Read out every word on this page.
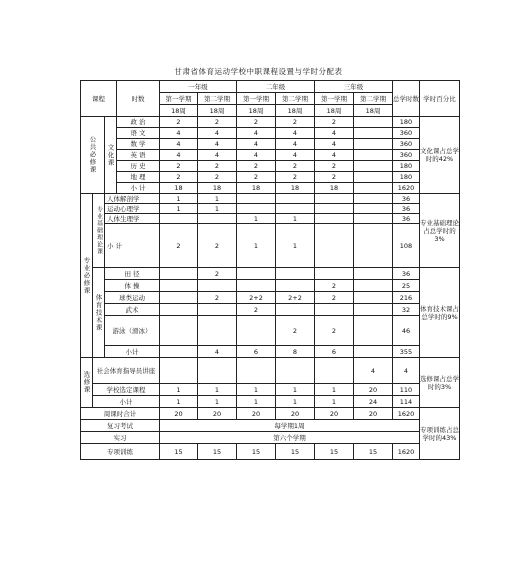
甘肃省体育运动学校中职课程设置与学时分配表
课程			时数	一年级		二年级		三年级		总学时数	学时百分比
				第一学期	第二学期	第一学期	第二学期	第一学期	第二学期		
				18周	18周	18周	18周	18周	18周		
公共必修课		文化课	政 治	2	2	2	2	2		180	文化课占总学时的42%
			语 文	4	4	4	4	4		360	
			数 学	4	4	4	4	4		360	
			英 语	4	4	4	4	4		360	
			历 史	2	2	2	2	2		180	
			地 理	2	2	2	2	2		180	
			小 计	18	18	18	18	18		1620	
专业必修课	专业基础理论课	人体解剖学		1	1					36	专业基础理论占总学时的3%
		运动心理学		1	1					36	
		人体生理学				1	1			36	
		小 计		2	2	1	1			108	
	体育技术课	田 径			2					36	体育技术课占总学时的9%
		体 操						2		25	
		球类运动			2	2+2	2+2	2		216	
		武术				2				32	
		游泳（滑冰）					2	2		46	
		小计			4	6	8	6		355	
选修课	社会体育指导员讲座								4	4	选修课占总学时的3%
	学校选定课程			1	1	1	1	1	20	110	
	小计			1	1	1	1	1	24	114	
周课时合计				20	20	20	20	20	20	1620	专项训练占总学时的43%
复习考试				每学期1周							
实习				第六个学期							
专项训练				15	15	15	15	15	15	1620	
